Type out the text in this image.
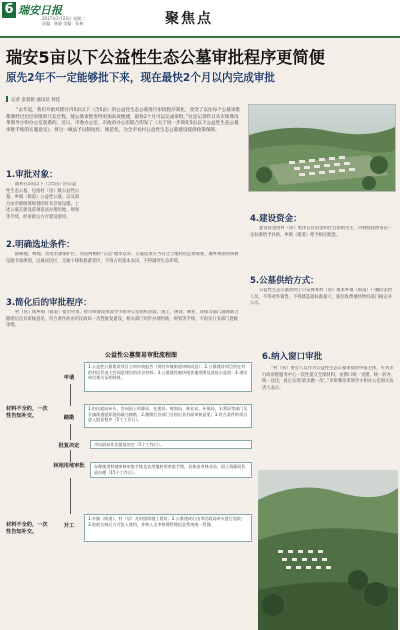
6 瑞安日报
2017年2月23日 星期二
责编：林晓 美编：张林	聚焦点
瑞安5亩以下公益性生态公墓审批程序更简便
原先2年不一定能够批下来，现在最快2个月以内完成审批
记者 金叔铭 通讯员 何佳
“去年起，我们开始对辖区内5亩以下（含5亩）的公益性生态公墓进行审批程序简化，改变了以往每个公墓审批都要经过层层审批的冗长过程，使公墓审批变得更加高效便捷，最快2个月可以完成审批。”这是记者昨日从市殡葬改革领导小组办公室获悉的。近日，市委办公室、市政府办公室联合印发了《关于进一步简化5亩以下公益性生态公墓审批手续的实施意见》，将这一做法予以制度化、规范化，为全市农村公益性生态公墓建设提供政策保障。
1.审批对象：
面积在5亩以下（含5亩）的公益性生态公墓，包括村（居）级公益性公墓、乡镇（街道）公益性公墓，以及部分由市级统筹规划的骨灰存放设施。上述公墓在建设前须依法办理用地、规划等手续，经审批后方可建设使用。
2.明确选址条件：
除耕地、林地、饮用水源保护区、河道两侧和“五边”地带以外，公墓选址应当符合土地利用总体规划、城乡规划和殡葬设施专项规划，远离居民区、交通干线和旅游景区，不得占用基本农田，不得破坏生态环境。
3.简化后的审批程序：
村（居）或乡镇（街道）提出申请，经市殡葬改革领导小组办公室组织民政、国土、规划、林业、环保等部门现场联合踏勘后出具审核意见，符合条件的由市民政局一次性批复建设，相关部门同步办理用地、规划等手续，不再实行多部门逐级审批。
4.建设资金：
建设资金由村（居）集体自有资金和社会捐助为主，市财政按照每亩一定标准给予补助，乡镇（街道）给予相应配套。
5.公墓供给方式：
公益性生态公墓原则上只安葬本村（居）或本乡镇（街道）户籍的去世人员，不得对外销售，不得建造超标准墓穴，墓位收费须经物价部门核定并公示。
6.纳入窗口审批
“村（居）委会人员作为公益性生态公墓审批的申报主体，可到市行政审批服务中心一次性提交全部材料，由窗口统一受理、统一转办、统一送达，真正实现‘最多跑一次’。”市殡葬改革领导小组办公室相关负责人表示。
公益性公墓简易审批流程图
申请
1.公益性公墓建设项目立项申请报告（须经乡镇街道审核同意）；2.公墓建设项目所在村的村民代表大会同意建设的决议材料；3.公墓建设地块现状地形图及选址示意图；4.建设单位相关证明材料。
踏勘
1.由民政局牵头，会同国土资源局、住建局、规划局、林业局、环保局、水利局等部门及乡镇街道组织现场联合踏勘；2.踏勘后各部门分别出具书面审核意见；3.符合条件的项目进入批复程序（5个工作日）。
批复决定	市民政局作出批复决定（5个工作日）。
林地用地审批	办理使用林地审核审批手续及农用地转用审批手续，具体由市林业局、国土资源局负责办理（15个工作日）。
开工
1.乡镇（街道）、村（居）及时组织施工建设；2.公墓建成后由市民政局牵头进行验收；3.验收合格后方可投入使用，并纳入全市殡葬管理信息系统统一管理。
材料不全的，一次性告知补交。
材料不全的，一次性告知补交。
